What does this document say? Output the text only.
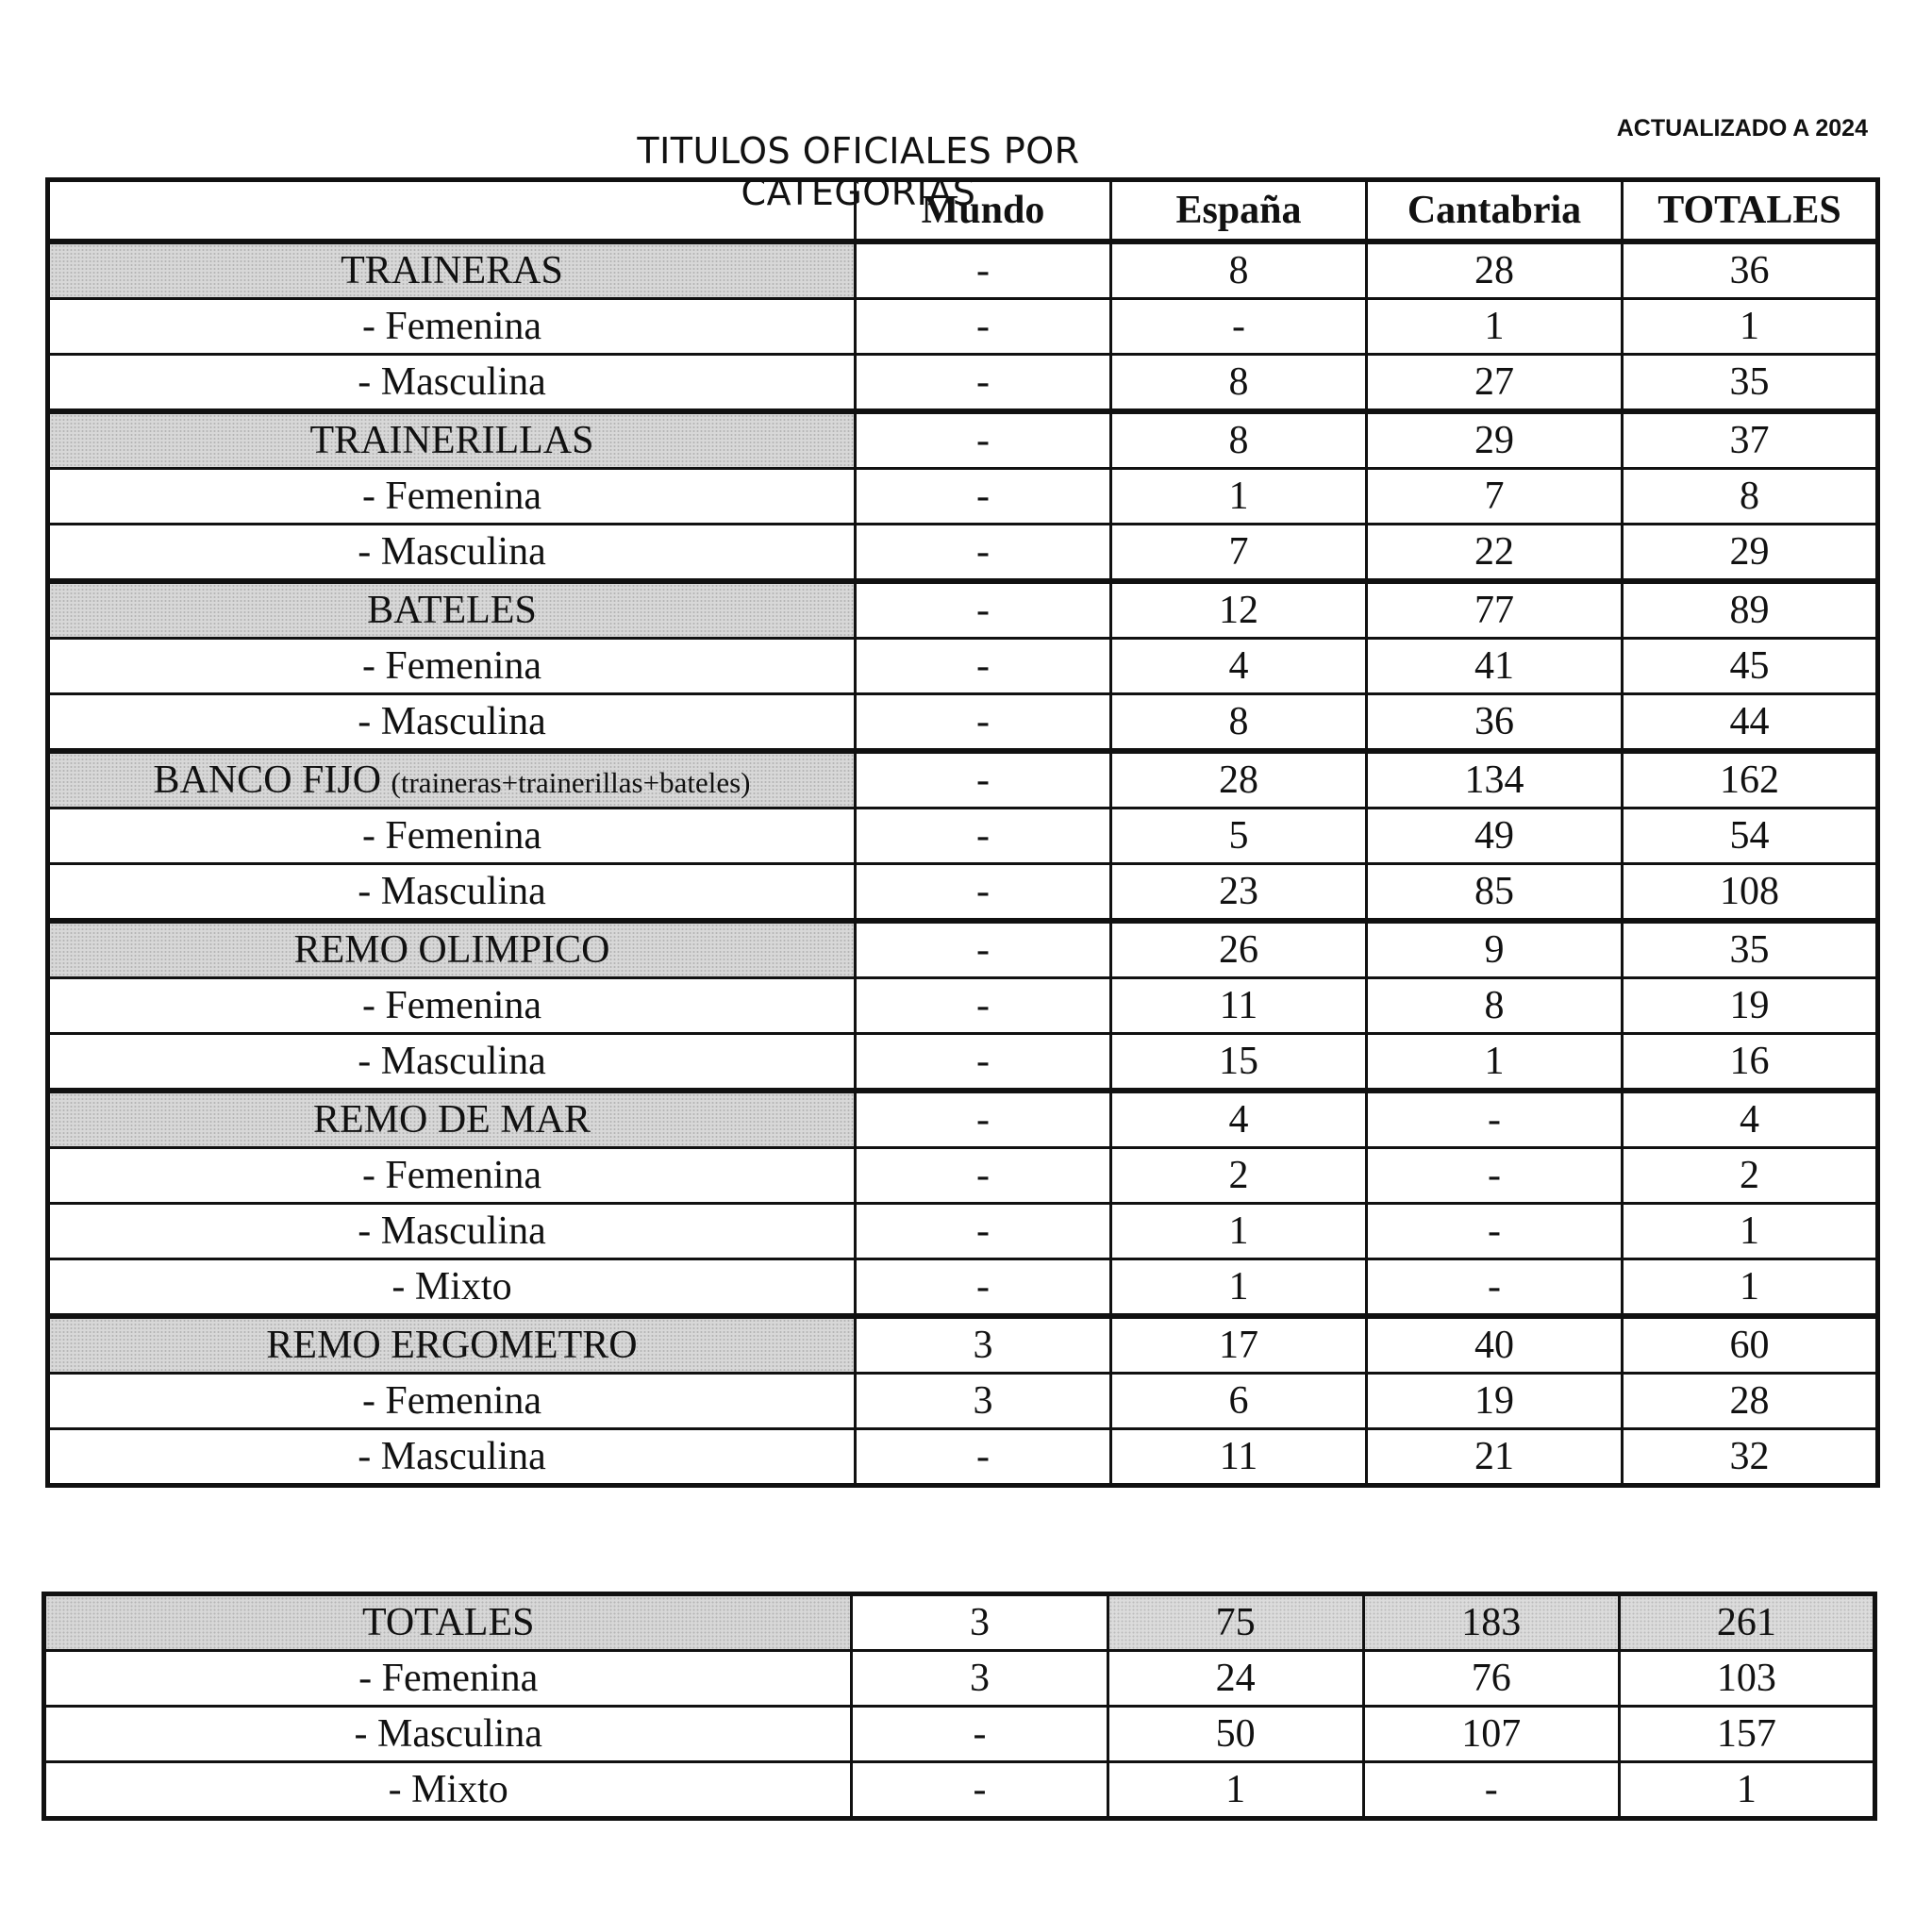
ACTUALIZADO A 2024
TITULOS OFICIALES POR CATEGORIAS
	Mundo	España	Cantabria	TOTALES
TRAINERAS	-	8	28	36
- Femenina	-	-	1	1
- Masculina	-	8	27	35
TRAINERILLAS	-	8	29	37
- Femenina	-	1	7	8
- Masculina	-	7	22	29
BATELES	-	12	77	89
- Femenina	-	4	41	45
- Masculina	-	8	36	44
BANCO FIJO (traineras+trainerillas+bateles)	-	28	134	162
- Femenina	-	5	49	54
- Masculina	-	23	85	108
REMO OLIMPICO	-	26	9	35
- Femenina	-	11	8	19
- Masculina	-	15	1	16
REMO DE MAR	-	4	-	4
- Femenina	-	2	-	2
- Masculina	-	1	-	1
- Mixto	-	1	-	1
REMO ERGOMETRO	3	17	40	60
- Femenina	3	6	19	28
- Masculina	-	11	21	32
TOTALES	3	75	183	261
- Femenina	3	24	76	103
- Masculina	-	50	107	157
- Mixto	-	1	-	1
